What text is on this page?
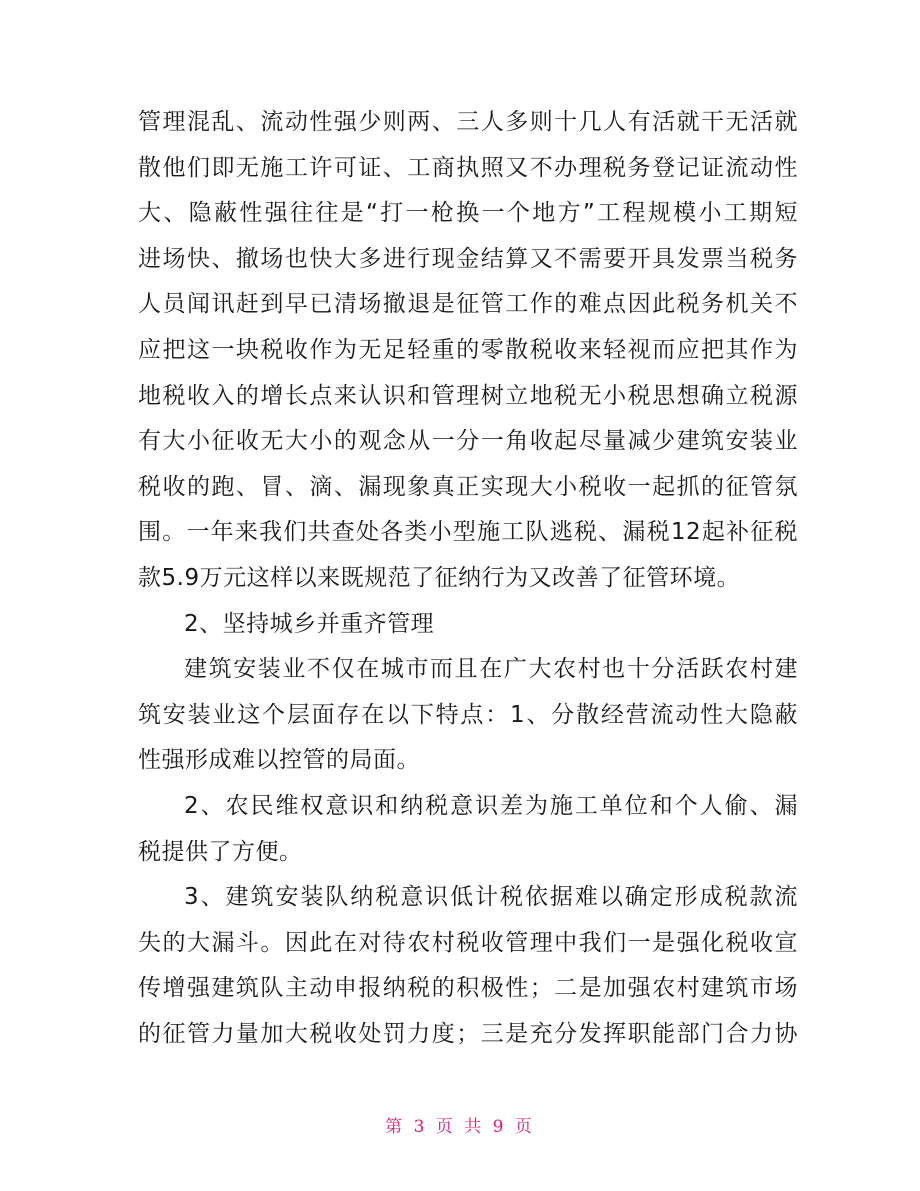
管理混乱、流动性强少则两、三人多则十几人有活就干无活就
散他们即无施工许可证、工商执照又不办理税务登记证流动性
大、隐蔽性强往往是“打一枪换一个地方”工程规模小工期短
进场快、撤场也快大多进行现金结算又不需要开具发票当税务
人员闻讯赶到早已清场撤退是征管工作的难点因此税务机关不
应把这一块税收作为无足轻重的零散税收来轻视而应把其作为
地税收入的增长点来认识和管理树立地税无小税思想确立税源
有大小征收无大小的观念从一分一角收起尽量减少建筑安装业
税收的跑、冒、滴、漏现象真正实现大小税收一起抓的征管氛
围。一年来我们共查处各类小型施工队逃税、漏税12起补征税
款5.9万元这样以来既规范了征纳行为又改善了征管环境。
2、坚持城乡并重齐管理
建筑安装业不仅在城市而且在广大农村也十分活跃农村建
筑安装业这个层面存在以下特点：1、分散经营流动性大隐蔽
性强形成难以控管的局面。
2、农民维权意识和纳税意识差为施工单位和个人偷、漏
税提供了方便。
3、建筑安装队纳税意识低计税依据难以确定形成税款流
失的大漏斗。因此在对待农村税收管理中我们一是强化税收宣
传增强建筑队主动申报纳税的积极性；二是加强农村建筑市场
的征管力量加大税收处罚力度；三是充分发挥职能部门合力协
第 3 页 共 9 页
